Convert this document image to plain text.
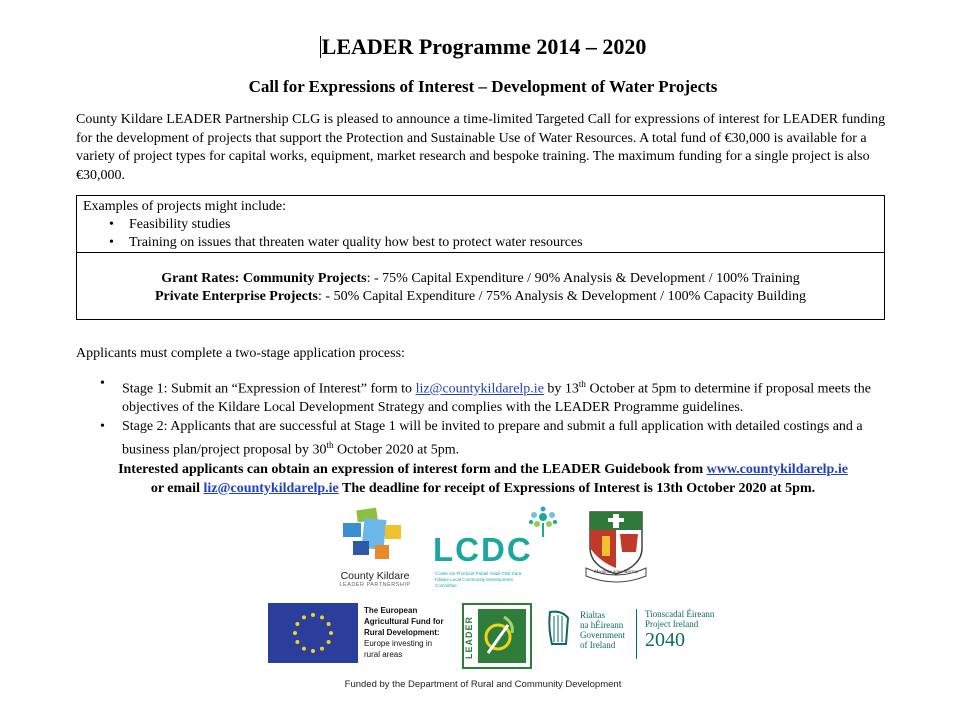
LEADER Programme 2014 – 2020
Call for Expressions of Interest – Development of Water Projects
County Kildare LEADER Partnership CLG is pleased to announce a time-limited Targeted Call for expressions of interest for LEADER funding for the development of projects that support the Protection and Sustainable Use of Water Resources. A total fund of €30,000 is available for a variety of project types for capital works, equipment, market research and bespoke training. The maximum funding for a single project is also €30,000.
Examples of projects might include:
• Feasibility studies
• Training on issues that threaten water quality how best to protect water resources
Grant Rates: Community Projects: - 75% Capital Expenditure / 90% Analysis & Development / 100% Training
Private Enterprise Projects: - 50% Capital Expenditure / 75% Analysis & Development / 100% Capacity Building
Applicants must complete a two-stage application process:
• Stage 1: Submit an “Expression of Interest” form to liz@countykildarelp.ie by 13th October at 5pm to determine if proposal meets the objectives of the Kildare Local Development Strategy and complies with the LEADER Programme guidelines.
• Stage 2: Applicants that are successful at Stage 1 will be invited to prepare and submit a full application with detailed costings and a business plan/project proposal by 30th October 2020 at 5pm.
Interested applicants can obtain an expression of interest form and the LEADER Guidebook from www.countykildarelp.ie
or email liz@countykildarelp.ie The deadline for receipt of Expressions of Interest is 13th October 2020 at 5pm.
County Kildare
LEADER PARTNERSHIP
LCDC
Coiste um Fhorbairt Pobail Áitiúil Chill Dara
Kildare Local Community Development
Committee
Meanma agus Mórtas
The European
Agricultural Fund for
Rural Development:
Europe investing in
rural areas	LEADER
Rialtas
na hÉireann
Government
of Ireland
Tionscadal Éireann
Project Ireland
2040
Funded by the Department of Rural and Community Development
